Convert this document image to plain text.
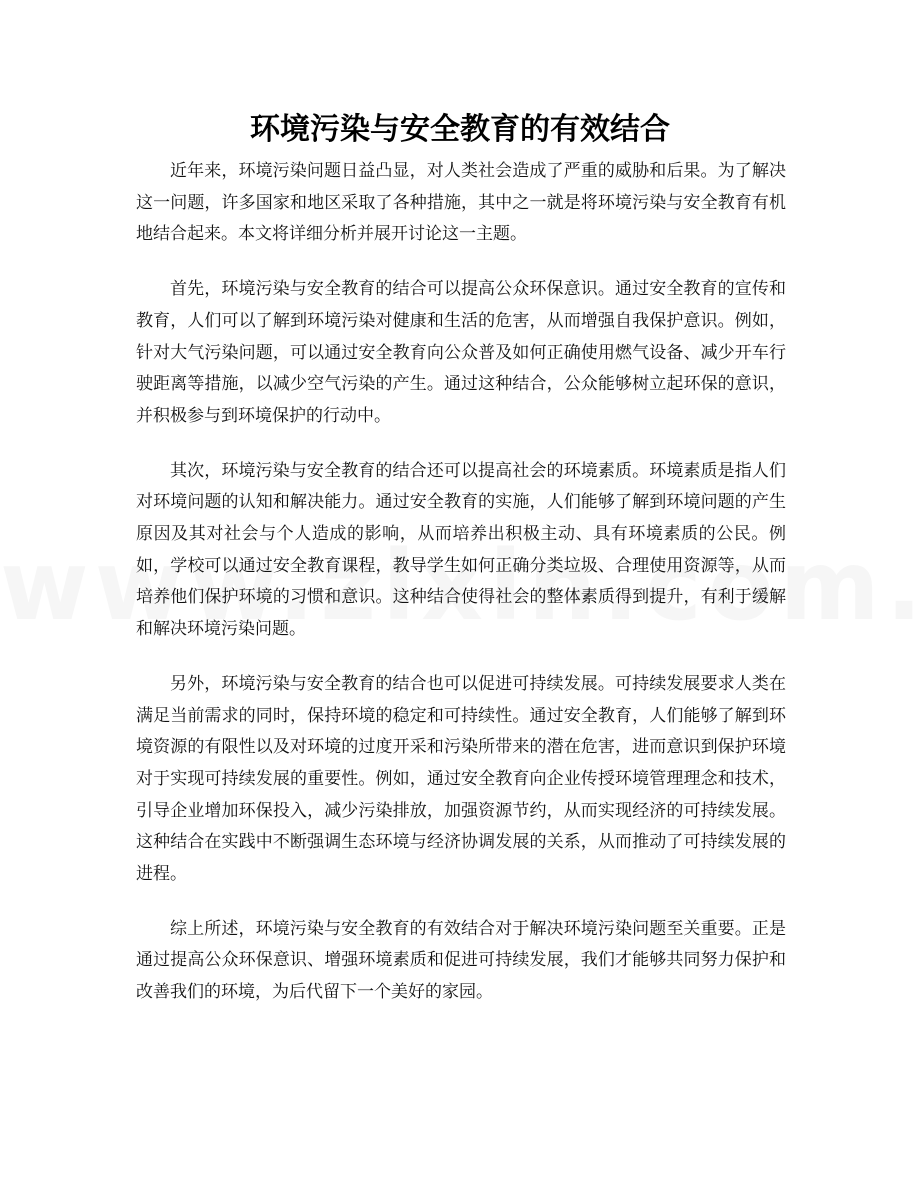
环境污染与安全教育的有效结合

近年来，环境污染问题日益凸显，对人类社会造成了严重的威胁和后果。为了解决这一问题，许多国家和地区采取了各种措施，其中之一就是将环境污染与安全教育有机地结合起来。本文将详细分析并展开讨论这一主题。

首先，环境污染与安全教育的结合可以提高公众环保意识。通过安全教育的宣传和教育，人们可以了解到环境污染对健康和生活的危害，从而增强自我保护意识。例如，针对大气污染问题，可以通过安全教育向公众普及如何正确使用燃气设备、减少开车行驶距离等措施，以减少空气污染的产生。通过这种结合，公众能够树立起环保的意识，并积极参与到环境保护的行动中。

其次，环境污染与安全教育的结合还可以提高社会的环境素质。环境素质是指人们对环境问题的认知和解决能力。通过安全教育的实施，人们能够了解到环境问题的产生原因及其对社会与个人造成的影响，从而培养出积极主动、具有环境素质的公民。例如，学校可以通过安全教育课程，教导学生如何正确分类垃圾、合理使用资源等，从而培养他们保护环境的习惯和意识。这种结合使得社会的整体素质得到提升，有利于缓解和解决环境污染问题。

另外，环境污染与安全教育的结合也可以促进可持续发展。可持续发展要求人类在满足当前需求的同时，保持环境的稳定和可持续性。通过安全教育，人们能够了解到环境资源的有限性以及对环境的过度开采和污染所带来的潜在危害，进而意识到保护环境对于实现可持续发展的重要性。例如，通过安全教育向企业传授环境管理理念和技术，引导企业增加环保投入，减少污染排放，加强资源节约，从而实现经济的可持续发展。这种结合在实践中不断强调生态环境与经济协调发展的关系，从而推动了可持续发展的进程。

综上所述，环境污染与安全教育的有效结合对于解决环境污染问题至关重要。正是通过提高公众环保意识、增强环境素质和促进可持续发展，我们才能够共同努力保护和改善我们的环境，为后代留下一个美好的家园。
